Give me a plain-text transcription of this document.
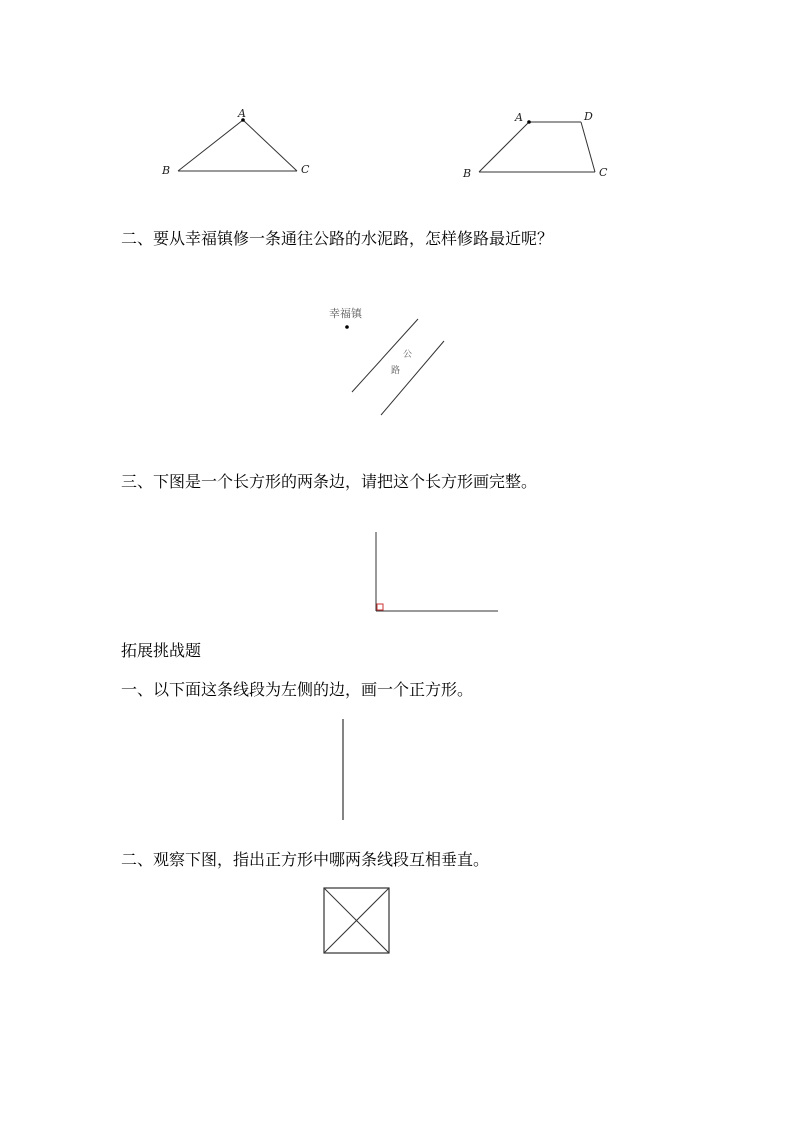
A
B	C
A	D
B	C
幸福镇
公
路
二、要从幸福镇修一条通往公路的水泥路，怎样修路最近呢？
三、下图是一个长方形的两条边，请把这个长方形画完整。
拓展挑战题
一、以下面这条线段为左侧的边，画一个正方形。
二、观察下图，指出正方形中哪两条线段互相垂直。
